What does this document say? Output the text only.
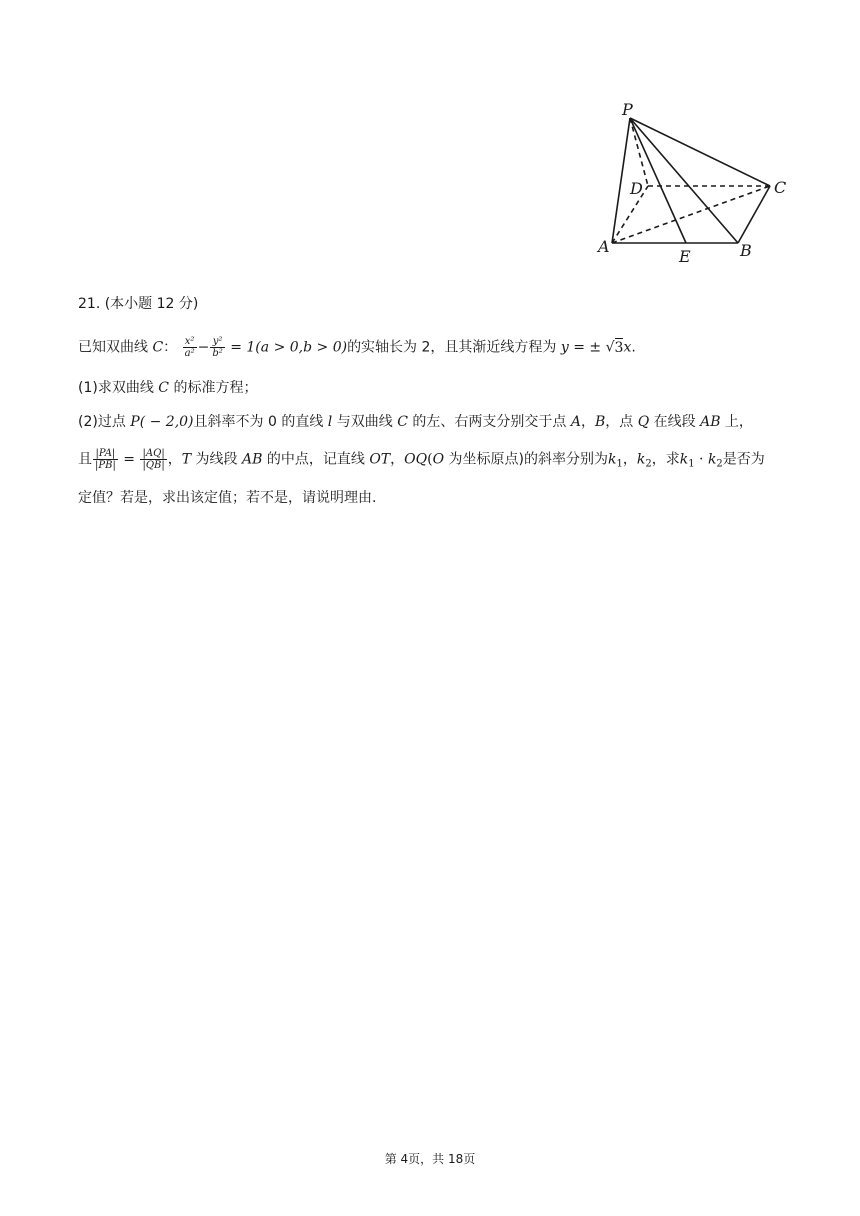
P
D	C
A
E	B
21. (本小题 12 分)
已知双曲线 C： $\frac{\text{x²}}{\text{a²}} - \frac{\text{y²}}{\text{b²}} = 1(a > 0,b > 0)$的实轴长为 2，且其渐近线方程为 y = ± √3x.
(1)求双曲线 C 的标准方程；
(2)过点 P( − 2,0)且斜率不为 0 的直线 l 与双曲线 C 的左、右两支分别交于点 A，B，点 Q 在线段 AB 上，
且 $\frac{|PA|}{|PB|} = \frac{|AQ|}{|QB|}$ ，T 为线段 AB 的中点，记直线 OT，OQ(O 为坐标原点)的斜率分别为$k_1$，$k_2$，求$k_1 \cdot k_2$是否为
定值？若是，求出该定值；若不是，请说明理由.
第 4页，共 18页
